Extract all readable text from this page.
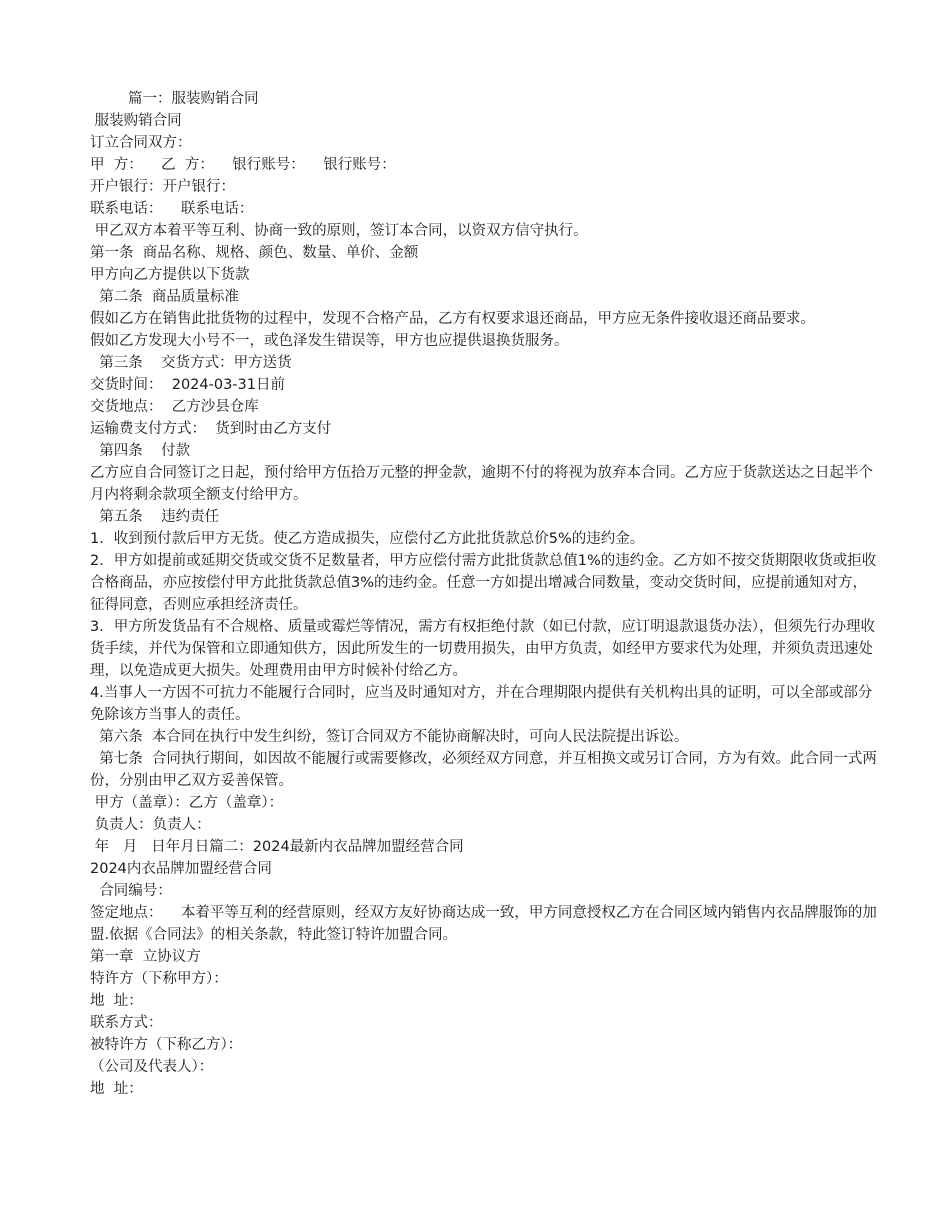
篇一：服装购销合同
服装购销合同
订立合同双方：
甲  方：    乙  方：    银行账号：    银行账号：
开户银行：开户银行：
联系电话：    联系电话：
甲乙双方本着平等互利、协商一致的原则，签订本合同，以资双方信守执行。
第一条  商品名称、规格、颜色、数量、单价、金额
甲方向乙方提供以下货款
第二条  商品质量标准
假如乙方在销售此批货物的过程中，发现不合格产品，乙方有权要求退还商品，甲方应无条件接收退还商品要求。
假如乙方发现大小号不一，或色泽发生错误等，甲方也应提供退换货服务。
第三条    交货方式：甲方送货
交货时间：  2024-03-31日前
交货地点：  乙方沙县仓库
运输费支付方式：  货到时由乙方支付
第四条    付款
乙方应自合同签订之日起，预付给甲方伍拾万元整的押金款，逾期不付的将视为放弃本合同。乙方应于货款送达之日起半个月内将剩余款项全额支付给甲方。
第五条    违约责任
1．收到预付款后甲方无货。使乙方造成损失，应偿付乙方此批货款总价5%的违约金。
2．甲方如提前或延期交货或交货不足数量者，甲方应偿付需方此批货款总值1%的违约金。乙方如不按交货期限收货或拒收合格商品，亦应按偿付甲方此批货款总值3%的违约金。任意一方如提出增减合同数量，变动交货时间，应提前通知对方，征得同意，否则应承担经济责任。
3．甲方所发货品有不合规格、质量或霉烂等情况，需方有权拒绝付款（如已付款，应订明退款退货办法），但须先行办理收货手续，并代为保管和立即通知供方，因此所发生的一切费用损失，由甲方负责，如经甲方要求代为处理，并须负责迅速处理，以免造成更大损失。处理费用由甲方时候补付给乙方。
4.当事人一方因不可抗力不能履行合同时，应当及时通知对方，并在合理期限内提供有关机构出具的证明，可以全部或部分免除该方当事人的责任。
第六条  本合同在执行中发生纠纷，签订合同双方不能协商解决时，可向人民法院提出诉讼。
第七条  合同执行期间，如因故不能履行或需要修改，必须经双方同意，并互相换文或另订合同，方为有效。此合同一式两份，分别由甲乙双方妥善保管。
甲方（盖章）：乙方（盖章）：
负责人：负责人：
年   月   日年月日篇二：2024最新内衣品牌加盟经营合同
2024内衣品牌加盟经营合同
合同编号：
签定地点：    本着平等互利的经营原则，经双方友好协商达成一致，甲方同意授权乙方在合同区域内销售内衣品牌服饰的加盟.依据《合同法》的相关条款，特此签订特许加盟合同。
第一章  立协议方
特许方（下称甲方）：
地  址：
联系方式：
被特许方（下称乙方）：
（公司及代表人）：
地  址：
